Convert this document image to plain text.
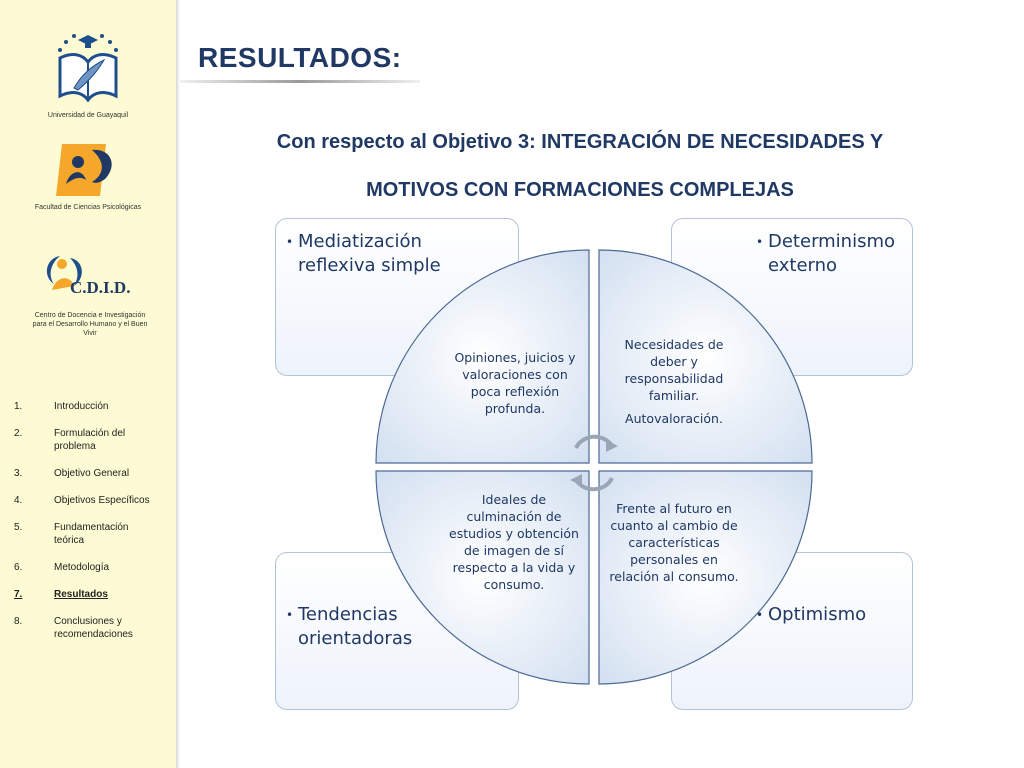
Universidad de Guayaquil
Facultad de Ciencias Psicológicas
C.D.I.D.
Centro de Docencia e Investigación para el Desarrollo Humano y el Buen Vivir
1.	Introducción
2.	Formulación del problema
3.	Objetivo General
4.	Objetivos Específicos
5.	Fundamentación teórica
6.	Metodología
7.	Resultados
8.	Conclusiones y recomendaciones
RESULTADOS:
Con respecto al Objetivo 3: INTEGRACIÓN DE NECESIDADES Y
MOTIVOS CON FORMACIONES COMPLEJAS
• Mediatización reflexiva simple
• Determinismo externo
• Tendencias orientadoras
• Optimismo
Opiniones, juicios y valoraciones con poca reflexión profunda.
Necesidades de deber y responsabilidad familiar.
Autovaloración.
Ideales de culminación de estudios y obtención de imagen de sí respecto a la vida y consumo.
Frente al futuro en cuanto al cambio de características personales en relación al consumo.
